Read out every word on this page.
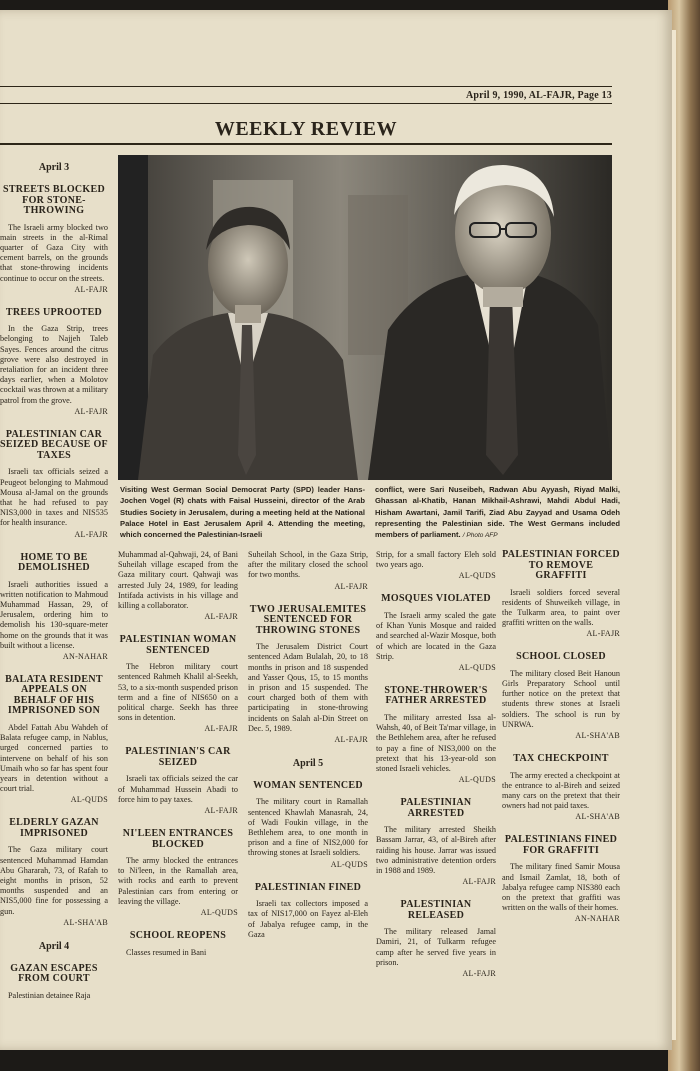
April 9, 1990, AL-FAJR, Page 13
WEEKLY REVIEW
Visiting West German Social Democrat Party (SPD) leader Hans-Jochen Vogel (R) chats with Faisal Husseini, director of the Arab Studies Society in Jerusalem, during a meeting held at the National Palace Hotel in East Jerusalem April 4. Attending the meeting, which concerned the Palestinian-Israeliconflict, were Sari Nuseibeh, Radwan Abu Ayyash, Riyad Malki, Ghassan al-Khatib, Hanan Mikhail-Ashrawi, Mahdi Abdul Hadi, Hisham Awartani, Jamil Tarifi, Ziad Abu Zayyad and Usama Odeh representing the Palestinian side. The West Germans included members of parliament. / Photo AFP
April 3
STREETS BLOCKED FOR STONE-THROWING
The Israeli army blocked two main streets in the al-Rimal quarter of Gaza City with cement barrels, on the grounds that stone-throwing incidents continue to occur on the streets.
AL-FAJR
TREES UPROOTED
In the Gaza Strip, trees belonging to Najjeh Taleb Sayes. Fences around the citrus grove were also destroyed in retaliation for an incident three days earlier, when a Molotov cocktail was thrown at a military patrol from the grove.
AL-FAJR
PALESTINIAN CAR SEIZED BECAUSE OF TAXES
Israeli tax officials seized a Peugeot belonging to Mahmoud Mousa al-Jamal on the grounds that he had refused to pay NIS3,000 in taxes and NIS535 for health insurance.
AL-FAJR
HOME TO BE DEMOLISHED
Israeli authorities issued a written notification to Mahmoud Muhammad Hassan, 29, of Jerusalem, ordering him to demolish his 130-square-meter home on the grounds that it was built without a license.
AN-NAHAR
BALATA RESIDENT APPEALS ON BEHALF OF HIS IMPRISONED SON
Abdel Fattah Abu Wahdeh of Balata refugee camp, in Nablus, urged concerned parties to intervene on behalf of his son Umaih who so far has spent four years in detention without a court trial.
AL-QUDS
ELDERLY GAZAN IMPRISONED
The Gaza military court sentenced Muhammad Hamdan Abu Ghararah, 73, of Rafah to eight months in prison, 52 months suspended and an NIS5,000 fine for possessing a gun.
AL-SHA'AB
April 4
GAZAN ESCAPES FROM COURT
Palestinian detainee Raja
Muhammad al-Qahwaji, 24, of Bani Suheilah village escaped from the Gaza military court. Qahwaji was arrested July 24, 1989, for leading Intifada activists in his village and killing a collaborator.
AL-FAJR
PALESTINIAN WOMAN SENTENCED
The Hebron military court sentenced Rahmeh Khalil al-Seekh, 53, to a six-month suspended prison term and a fine of NIS650 on a political charge. Seekh has three sons in detention.
AL-FAJR
PALESTINIAN'S CAR SEIZED
Israeli tax officials seized the car of Muhammad Hussein Abadi to force him to pay taxes.
AL-FAJR
NI'LEEN ENTRANCES BLOCKED
The army blocked the entrances to Ni'leen, in the Ramallah area, with rocks and earth to prevent Palestinian cars from entering or leaving the village.
AL-QUDS
SCHOOL REOPENS
Classes resumed in Bani
Suheilah School, in the Gaza Strip, after the military closed the school for two months.
AL-FAJR
TWO JERUSALEMITES SENTENCED FOR THROWING STONES
The Jerusalem District Court sentenced Adam Bulalah, 20, to 18 months in prison and 18 suspended and Yasser Qous, 15, to 15 months in prison and 15 suspended. The court charged both of them with participating in stone-throwing incidents on Salah al-Din Street on Dec. 5, 1989.
AL-FAJR
April 5
WOMAN SENTENCED
The military court in Ramallah sentenced Khawlah Manasrah, 24, of Wadi Foukin village, in the Bethlehem area, to one month in prison and a fine of NIS2,000 for throwing stones at Israeli soldiers.
AL-QUDS
PALESTINIAN FINED
Israeli tax collectors imposed a tax of NIS17,000 on Fayez al-Eleh of Jabalya refugee camp, in the Gaza
Strip, for a small factory Eleh sold two years ago.
AL-QUDS
MOSQUES VIOLATED
The Israeli army scaled the gate of Khan Yunis Mosque and raided and searched al-Wazir Mosque, both of which are located in the Gaza Strip.
AL-QUDS
STONE-THROWER'S FATHER ARRESTED
The military arrested Issa al-Wahsh, 40, of Beit Ta'mar village, in the Bethlehem area, after he refused to pay a fine of NIS3,000 on the pretext that his 13-year-old son stoned Israeli vehicles.
AL-QUDS
PALESTINIAN ARRESTED
The military arrested Sheikh Bassam Jarrar, 43, of al-Bireh after raiding his house. Jarrar was issued two administrative detention orders in 1988 and 1989.
AL-FAJR
PALESTINIAN RELEASED
The military released Jamal Damiri, 21, of Tulkarm refugee camp after he served five years in prison.
AL-FAJR
PALESTINIAN FORCED TO REMOVE GRAFFITI
Israeli soldiers forced several residents of Shuweikeh village, in the Tulkarm area, to paint over graffiti written on the walls.
AL-FAJR
SCHOOL CLOSED
The military closed Beit Hanoun Girls Preparatory School until further notice on the pretext that students threw stones at Israeli soldiers. The school is run by UNRWA.
AL-SHA'AB
TAX CHECKPOINT
The army erected a checkpoint at the entrance to al-Bireh and seized many cars on the pretext that their owners had not paid taxes.
AL-SHA'AB
PALESTINIANS FINED FOR GRAFFITI
The military fined Samir Mousa and Ismail Zamlat, 18, both of Jabalya refugee camp NIS380 each on the pretext that graffiti was written on the walls of their homes.
AN-NAHAR
